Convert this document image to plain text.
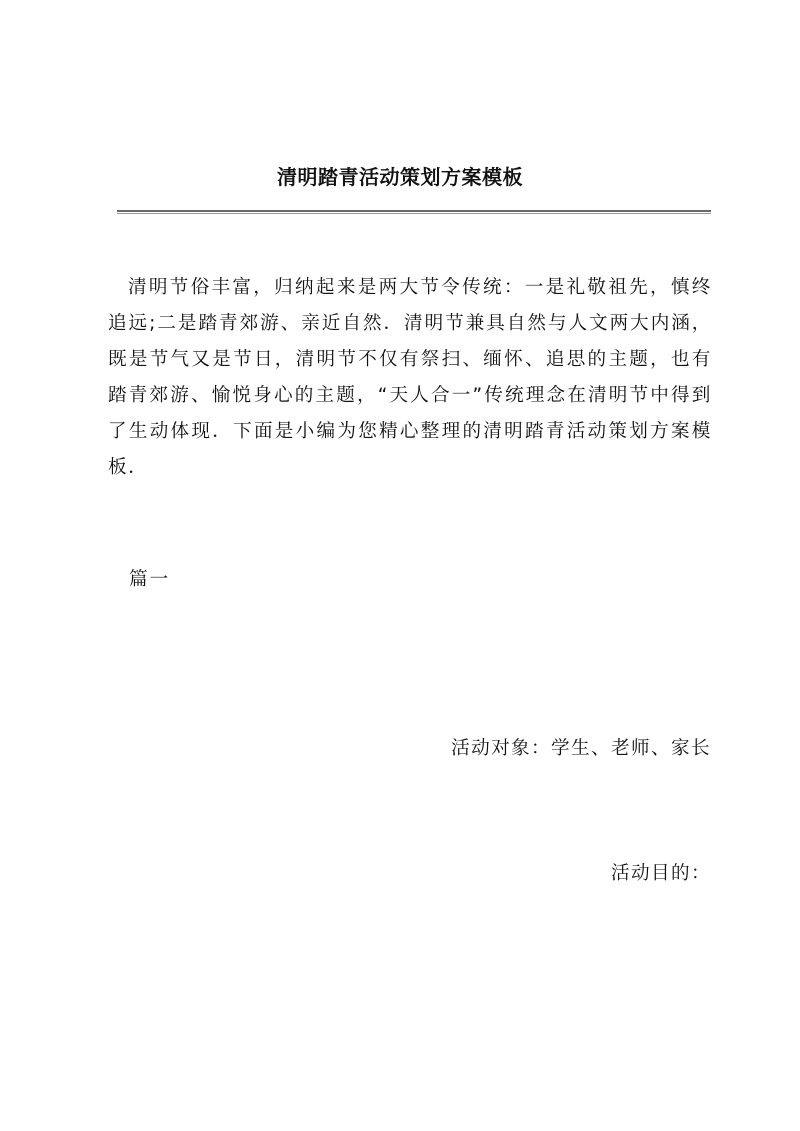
清明踏青活动策划方案模板

清明节俗丰富，归纳起来是两大节令传统：一是礼敬祖先，慎终追远;二是踏青郊游、亲近自然．清明节兼具自然与人文两大内涵，既是节气又是节日，清明节不仅有祭扫、缅怀、追思的主题，也有踏青郊游、愉悦身心的主题，“天人合一”传统理念在清明节中得到了生动体现．下面是小编为您精心整理的清明踏青活动策划方案模板．

篇一
活动对象：学生、老师、家长
活动目的：
